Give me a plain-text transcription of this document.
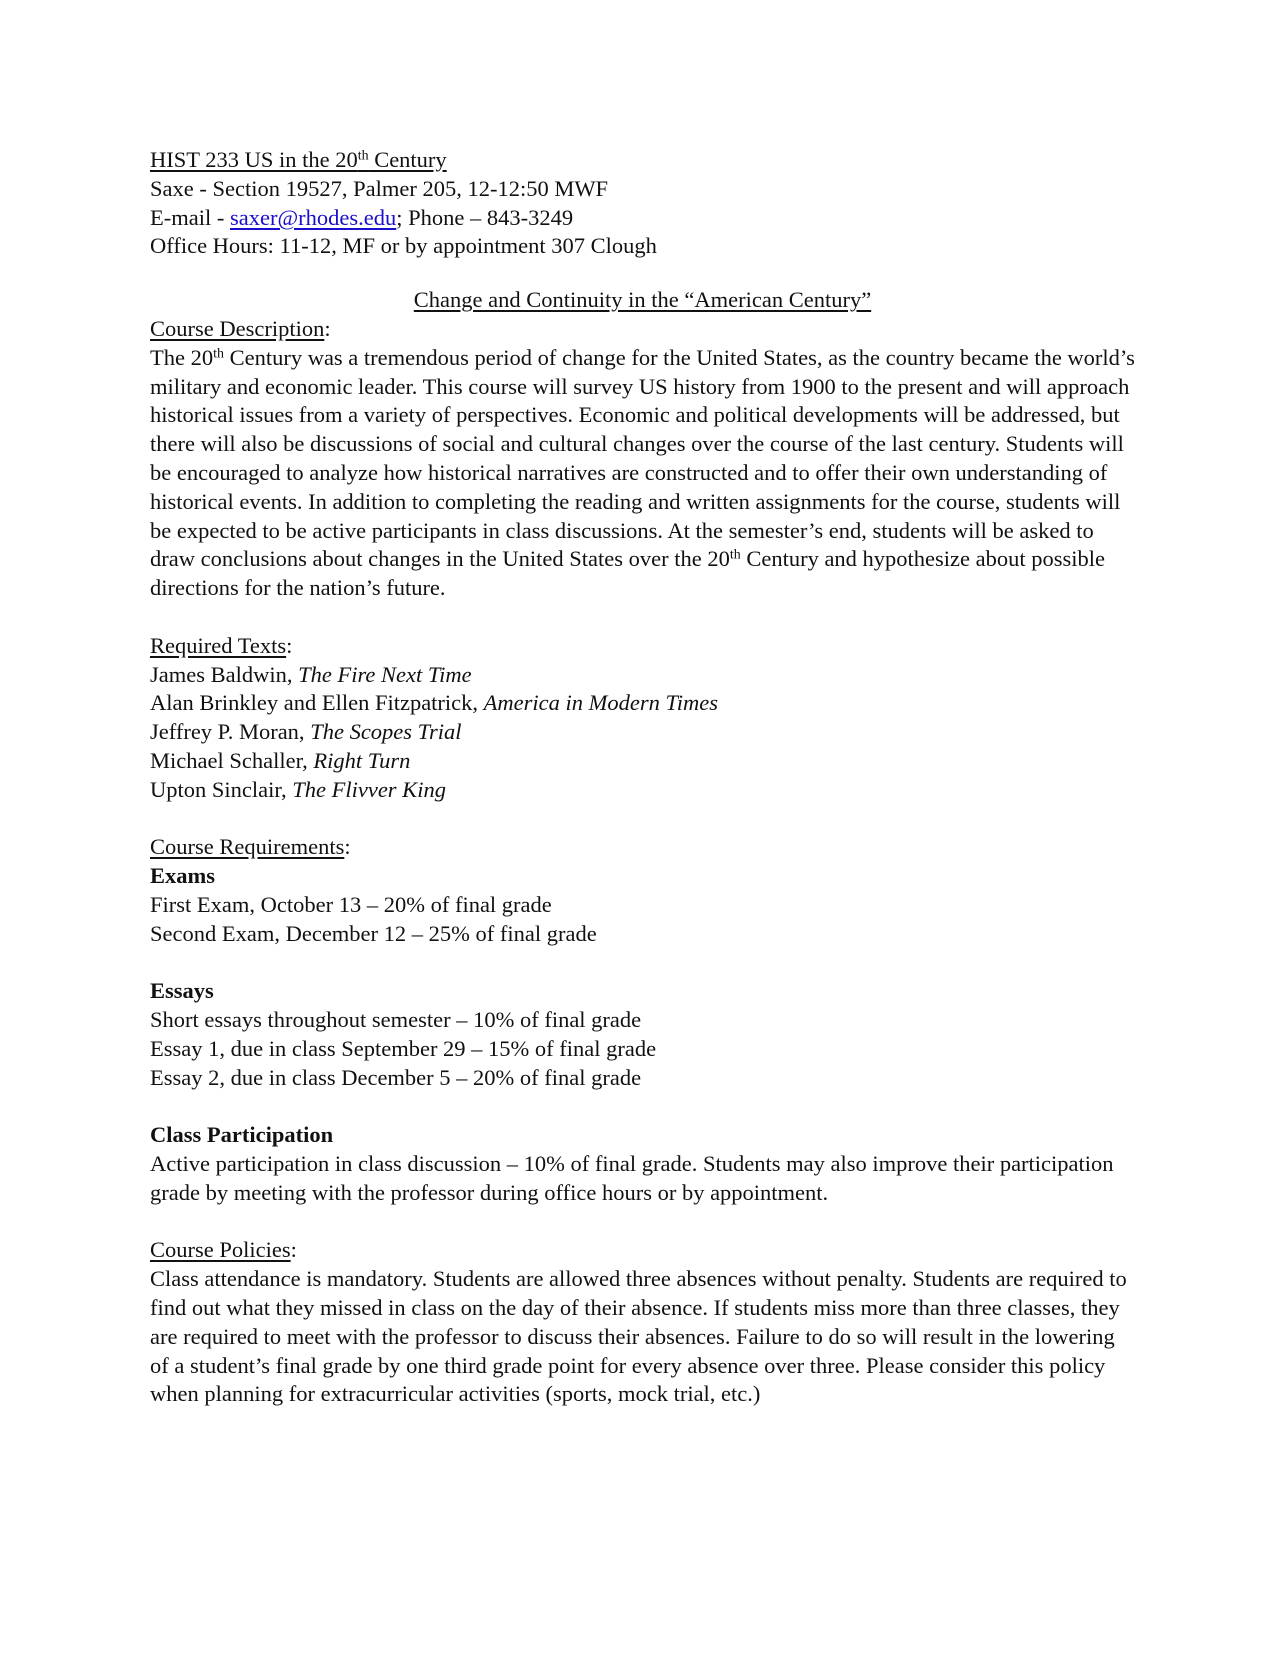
HIST 233 US in the 20th Century
Saxe - Section 19527, Palmer 205, 12-12:50 MWF
E-mail - saxer@rhodes.edu; Phone – 843-3249
Office Hours: 11-12, MF or by appointment 307 Clough
Change and Continuity in the “American Century”
Course Description:
The 20th Century was a tremendous period of change for the United States, as the country became the world’s military and economic leader. This course will survey US history from 1900 to the present and will approach historical issues from a variety of perspectives. Economic and political developments will be addressed, but there will also be discussions of social and cultural changes over the course of the last century. Students will be encouraged to analyze how historical narratives are constructed and to offer their own understanding of historical events. In addition to completing the reading and written assignments for the course, students will be expected to be active participants in class discussions. At the semester’s end, students will be asked to draw conclusions about changes in the United States over the 20th Century and hypothesize about possible directions for the nation’s future.
Required Texts:
James Baldwin, The Fire Next Time
Alan Brinkley and Ellen Fitzpatrick, America in Modern Times
Jeffrey P. Moran, The Scopes Trial
Michael Schaller, Right Turn
Upton Sinclair, The Flivver King
Course Requirements:
Exams
First Exam, October 13 – 20% of final grade
Second Exam, December 12 – 25% of final grade
Essays
Short essays throughout semester – 10% of final grade
Essay 1, due in class September 29 – 15% of final grade
Essay 2, due in class December 5 – 20% of final grade
Class Participation
Active participation in class discussion – 10% of final grade. Students may also improve their participation grade by meeting with the professor during office hours or by appointment.
Course Policies:
Class attendance is mandatory. Students are allowed three absences without penalty. Students are required to find out what they missed in class on the day of their absence. If students miss more than three classes, they are required to meet with the professor to discuss their absences. Failure to do so will result in the lowering of a student’s final grade by one third grade point for every absence over three. Please consider this policy when planning for extracurricular activities (sports, mock trial, etc.)
